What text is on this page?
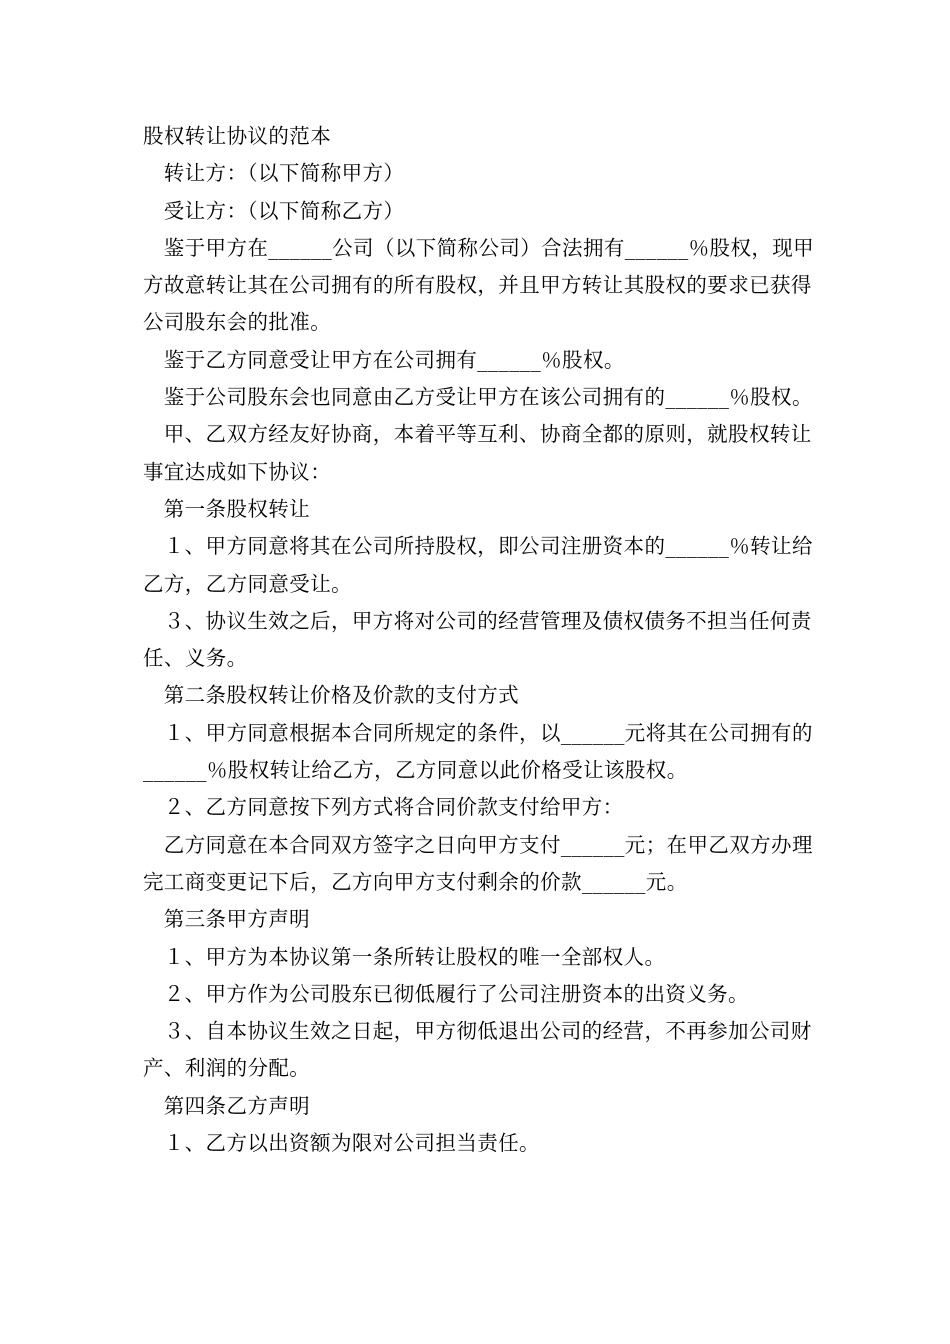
股权转让协议的范本

转让方：（以下简称甲方）

受让方：（以下简称乙方）

鉴于甲方在______公司（以下简称公司）合法拥有______％股权，现甲方故意转让其在公司拥有的所有股权，并且甲方转让其股权的要求已获得公司股东会的批准。

鉴于乙方同意受让甲方在公司拥有______％股权。

鉴于公司股东会也同意由乙方受让甲方在该公司拥有的______％股权。

甲、乙双方经友好协商，本着平等互利、协商全都的原则，就股权转让事宜达成如下协议：

第一条股权转让

１、甲方同意将其在公司所持股权，即公司注册资本的______％转让给乙方，乙方同意受让。

３、协议生效之后，甲方将对公司的经营管理及债权债务不担当任何责任、义务。

第二条股权转让价格及价款的支付方式

１、甲方同意根据本合同所规定的条件，以______元将其在公司拥有的______％股权转让给乙方，乙方同意以此价格受让该股权。

２、乙方同意按下列方式将合同价款支付给甲方：

乙方同意在本合同双方签字之日向甲方支付______元；在甲乙双方办理完工商变更记下后，乙方向甲方支付剩余的价款______元。

第三条甲方声明

１、甲方为本协议第一条所转让股权的唯一全部权人。

２、甲方作为公司股东已彻低履行了公司注册资本的出资义务。

３、自本协议生效之日起，甲方彻低退出公司的经营，不再参加公司财产、利润的分配。

第四条乙方声明

１、乙方以出资额为限对公司担当责任。
